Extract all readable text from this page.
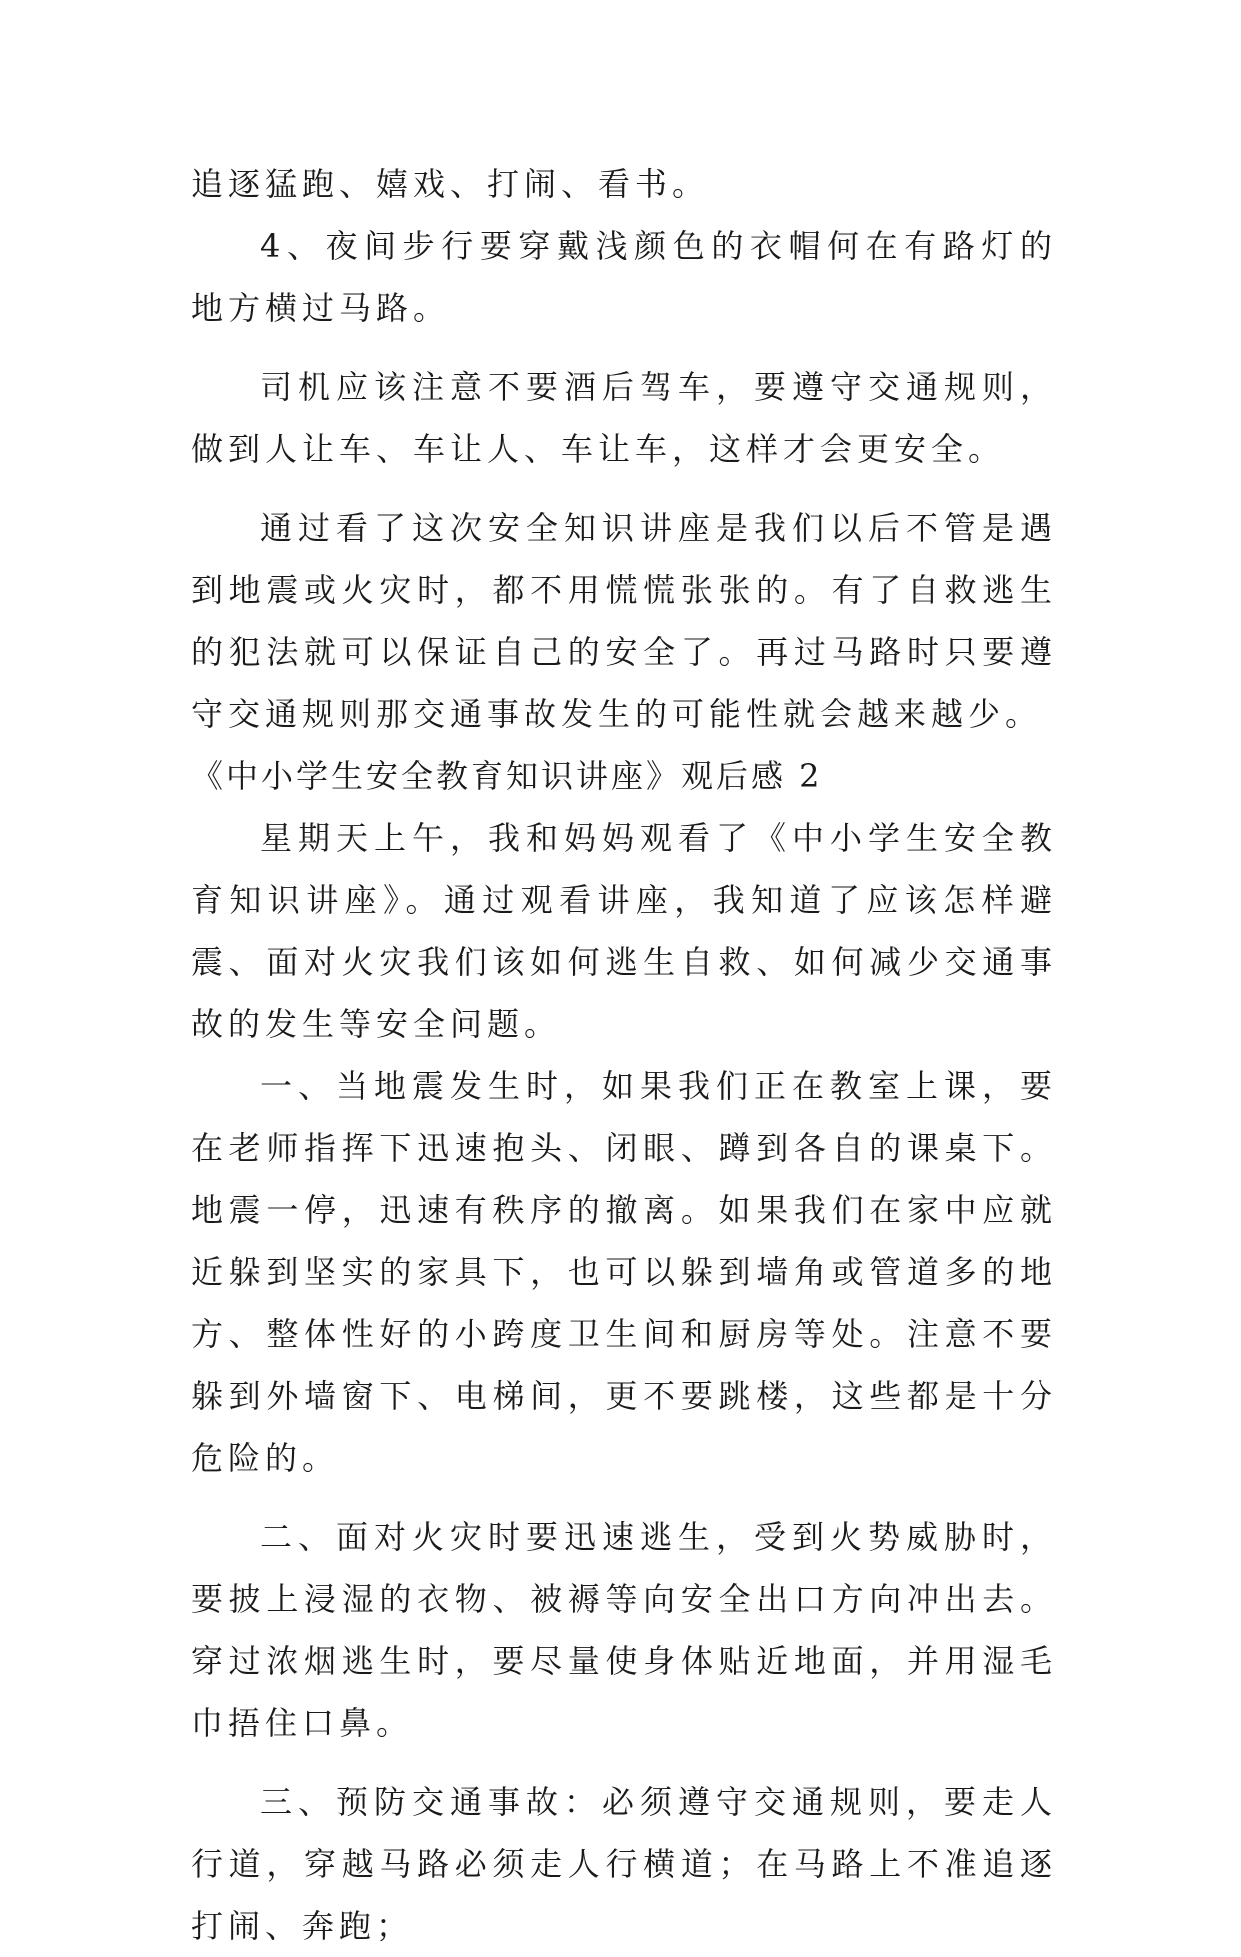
追逐猛跑、嬉戏、打闹、看书。

4、夜间步行要穿戴浅颜色的衣帽何在有路灯的地方横过马路。

司机应该注意不要酒后驾车，要遵守交通规则，做到人让车、车让人、车让车，这样才会更安全。

通过看了这次安全知识讲座是我们以后不管是遇到地震或火灾时，都不用慌慌张张的。有了自救逃生的犯法就可以保证自己的安全了。再过马路时只要遵守交通规则那交通事故发生的可能性就会越来越少。

《中小学生安全教育知识讲座》观后感 2

星期天上午，我和妈妈观看了《中小学生安全教育知识讲座》。通过观看讲座，我知道了应该怎样避震、面对火灾我们该如何逃生自救、如何减少交通事故的发生等安全问题。

一、当地震发生时，如果我们正在教室上课，要在老师指挥下迅速抱头、闭眼、蹲到各自的课桌下。地震一停，迅速有秩序的撤离。如果我们在家中应就近躲到坚实的家具下，也可以躲到墙角或管道多的地方、整体性好的小跨度卫生间和厨房等处。注意不要躲到外墙窗下、电梯间，更不要跳楼，这些都是十分危险的。

二、面对火灾时要迅速逃生，受到火势威胁时，要披上浸湿的衣物、被褥等向安全出口方向冲出去。穿过浓烟逃生时，要尽量使身体贴近地面，并用湿毛巾捂住口鼻。

三、预防交通事故：必须遵守交通规则，要走人行道，穿越马路必须走人行横道；在马路上不准追逐打闹、奔跑；
